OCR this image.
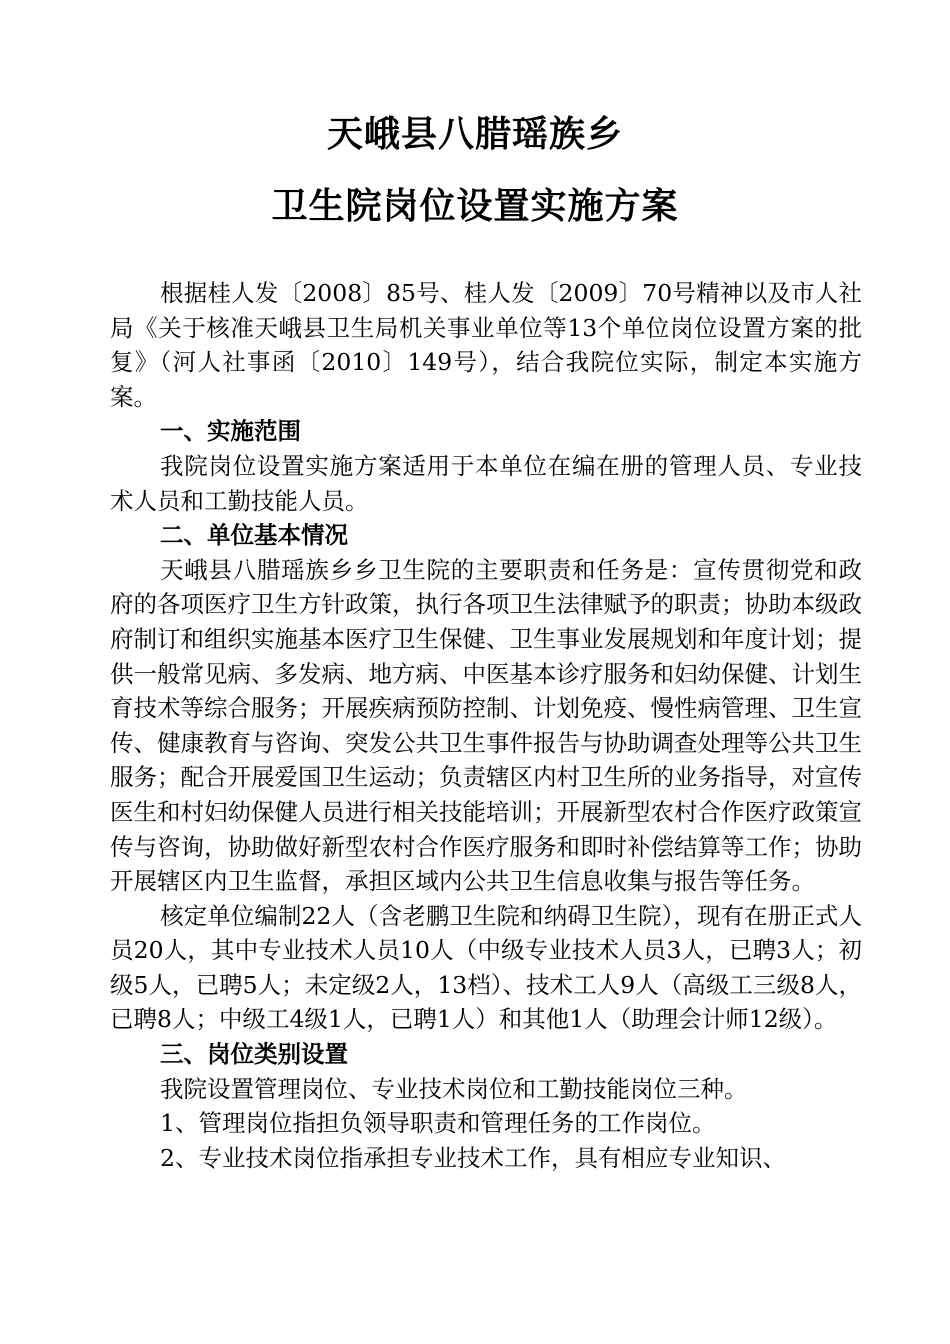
天峨县八腊瑶族乡
卫生院岗位设置实施方案

根据桂人发〔2008〕85号、桂人发〔2009〕70号精神以及市人社局《关于核准天峨县卫生局机关事业单位等13个单位岗位设置方案的批复》（河人社事函〔2010〕149号），结合我院位实际，制定本实施方案。

一、实施范围

我院岗位设置实施方案适用于本单位在编在册的管理人员、专业技术人员和工勤技能人员。

二、单位基本情况

天峨县八腊瑶族乡乡卫生院的主要职责和任务是：宣传贯彻党和政府的各项医疗卫生方针政策，执行各项卫生法律赋予的职责；协助本级政府制订和组织实施基本医疗卫生保健、卫生事业发展规划和年度计划；提供一般常见病、多发病、地方病、中医基本诊疗服务和妇幼保健、计划生育技术等综合服务；开展疾病预防控制、计划免疫、慢性病管理、卫生宣传、健康教育与咨询、突发公共卫生事件报告与协助调查处理等公共卫生服务；配合开展爱国卫生运动；负责辖区内村卫生所的业务指导，对宣传医生和村妇幼保健人员进行相关技能培训；开展新型农村合作医疗政策宣传与咨询，协助做好新型农村合作医疗服务和即时补偿结算等工作；协助开展辖区内卫生监督，承担区域内公共卫生信息收集与报告等任务。

核定单位编制22人（含老鹏卫生院和纳碍卫生院），现有在册正式人员20人，其中专业技术人员10人（中级专业技术人员3人，已聘3人；初级5人，已聘5人；未定级2人，13档）、技术工人9人（高级工三级8人，已聘8人；中级工4级1人，已聘1人）和其他1人（助理会计师12级）。

三、岗位类别设置

我院设置管理岗位、专业技术岗位和工勤技能岗位三种。

1、管理岗位指担负领导职责和管理任务的工作岗位。

2、专业技术岗位指承担专业技术工作，具有相应专业知识、
